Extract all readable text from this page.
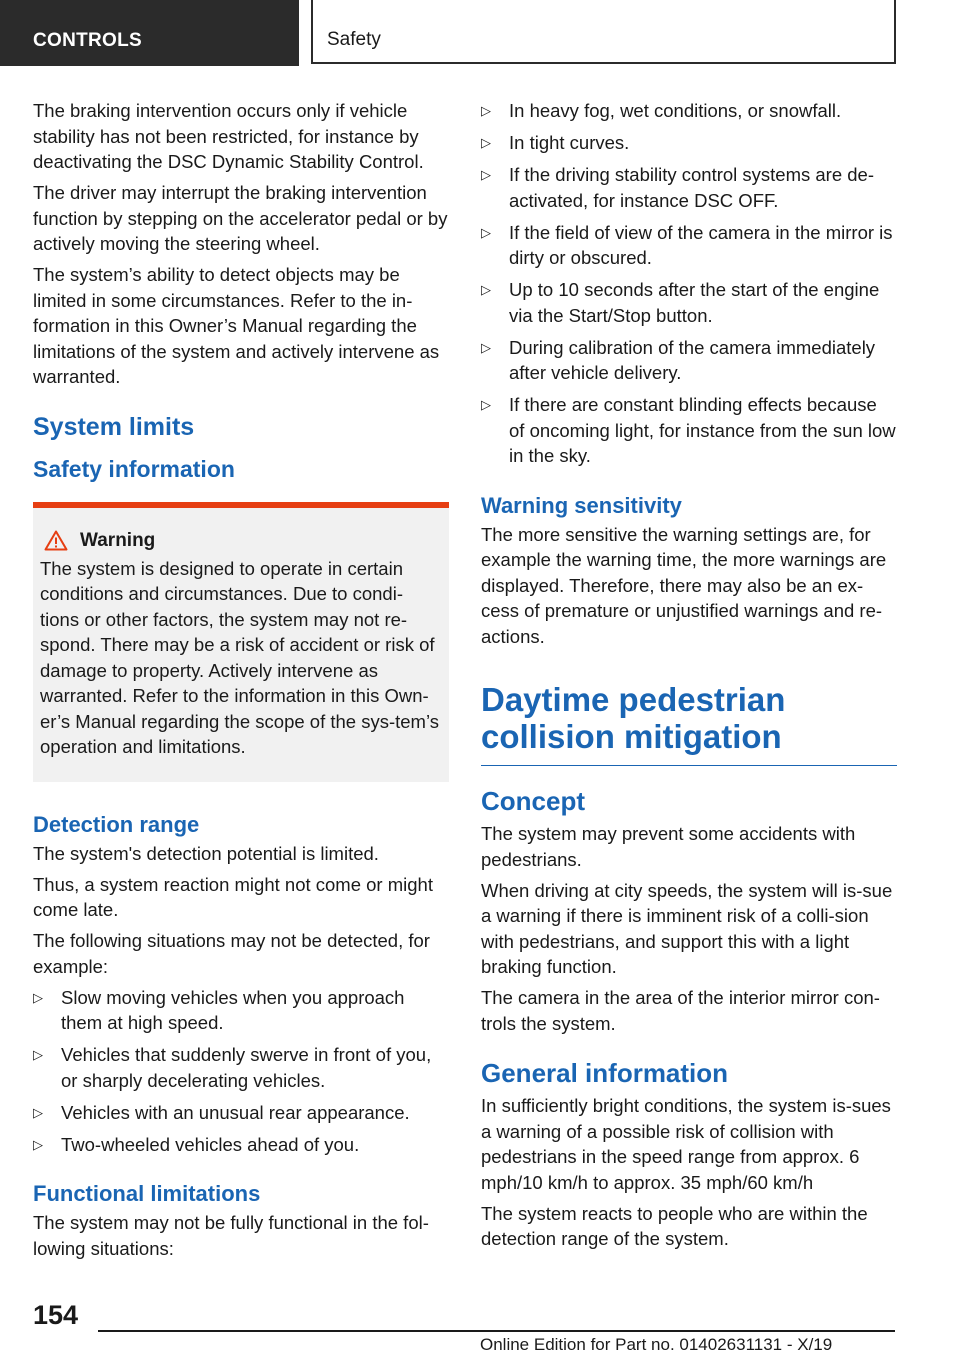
CONTROLS	Safety

The braking intervention occurs only if vehicle stability has not been restricted, for instance by deactivating the DSC Dynamic Stability Control.

The driver may interrupt the braking intervention function by stepping on the accelerator pedal or by actively moving the steering wheel.

The system’s ability to detect objects may be limited in some circumstances. Refer to the in-formation in this Owner’s Manual regarding the limitations of the system and actively intervene as warranted.

System limits
Safety information
Warning

The system is designed to operate in certain conditions and circumstances. Due to condi-tions or other factors, the system may not re-spond. There may be a risk of accident or risk of damage to property. Actively intervene as warranted. Refer to the information in this Own-er’s Manual regarding the scope of the sys-tem’s operation and limitations.

Detection range

The system's detection potential is limited.

Thus, a system reaction might not come or might come late.

The following situations may not be detected, for example:

▷ Slow moving vehicles when you approach them at high speed.
▷ Vehicles that suddenly swerve in front of you, or sharply decelerating vehicles.
▷ Vehicles with an unusual rear appearance.
▷ Two-wheeled vehicles ahead of you.
Functional limitations

The system may not be fully functional in the fol-lowing situations:

▷ In heavy fog, wet conditions, or snowfall.
▷ In tight curves.
▷ If the driving stability control systems are de-activated, for instance DSC OFF.
▷ If the field of view of the camera in the mirror is dirty or obscured.
▷ Up to 10 seconds after the start of the engine via the Start/Stop button.
▷ During calibration of the camera immediately after vehicle delivery.
▷ If there are constant blinding effects because of oncoming light, for instance from the sun low in the sky.
Warning sensitivity

The more sensitive the warning settings are, for example the warning time, the more warnings are displayed. Therefore, there may also be an ex-cess of premature or unjustified warnings and re-actions.

Daytime pedestrian collision mitigation
Concept

The system may prevent some accidents with pedestrians.

When driving at city speeds, the system will is-sue a warning if there is imminent risk of a colli-sion with pedestrians, and support this with a light braking function.

The camera in the area of the interior mirror con-trols the system.

General information

In sufficiently bright conditions, the system is-sues a warning of a possible risk of collision with pedestrians in the speed range from approx. 6 mph/10 km/h to approx. 35 mph/60 km/h

The system reacts to people who are within the detection range of the system.

154
Online Edition for Part no. 01402631131 - X/19
